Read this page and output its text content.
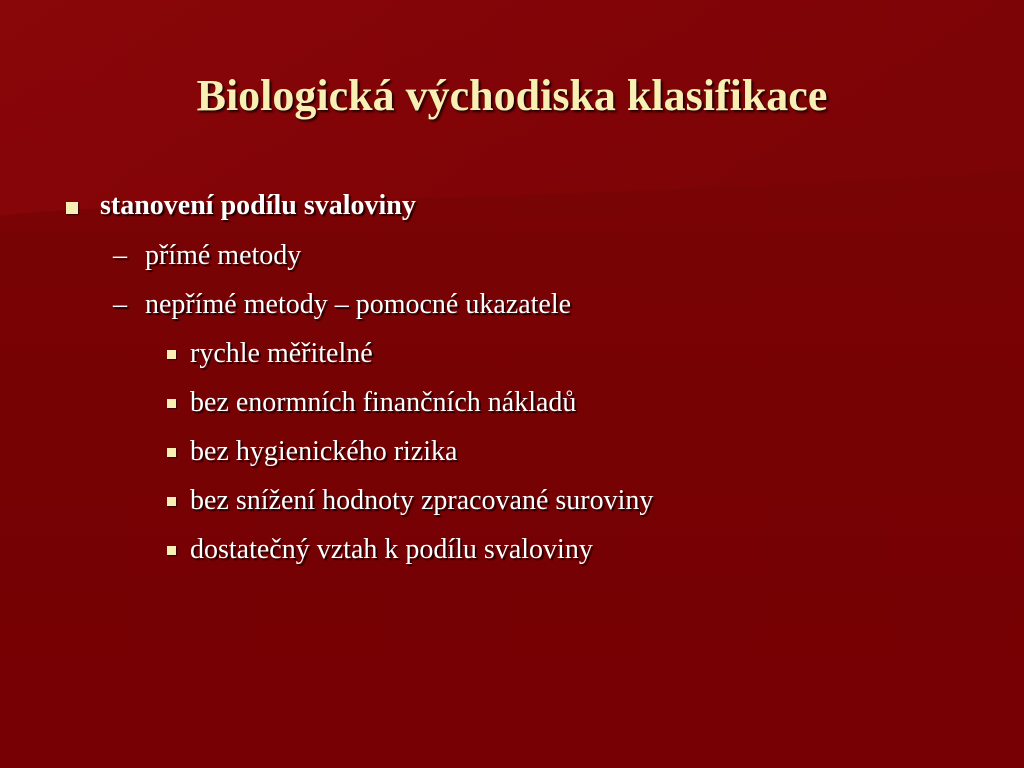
Biologická východiska klasifikace
stanovení podílu svaloviny
– přímé metody
– nepřímé metody – pomocné ukazatele
rychle měřitelné
bez enormních finančních nákladů
bez hygienického rizika
bez snížení hodnoty zpracované suroviny
dostatečný vztah k podílu svaloviny
